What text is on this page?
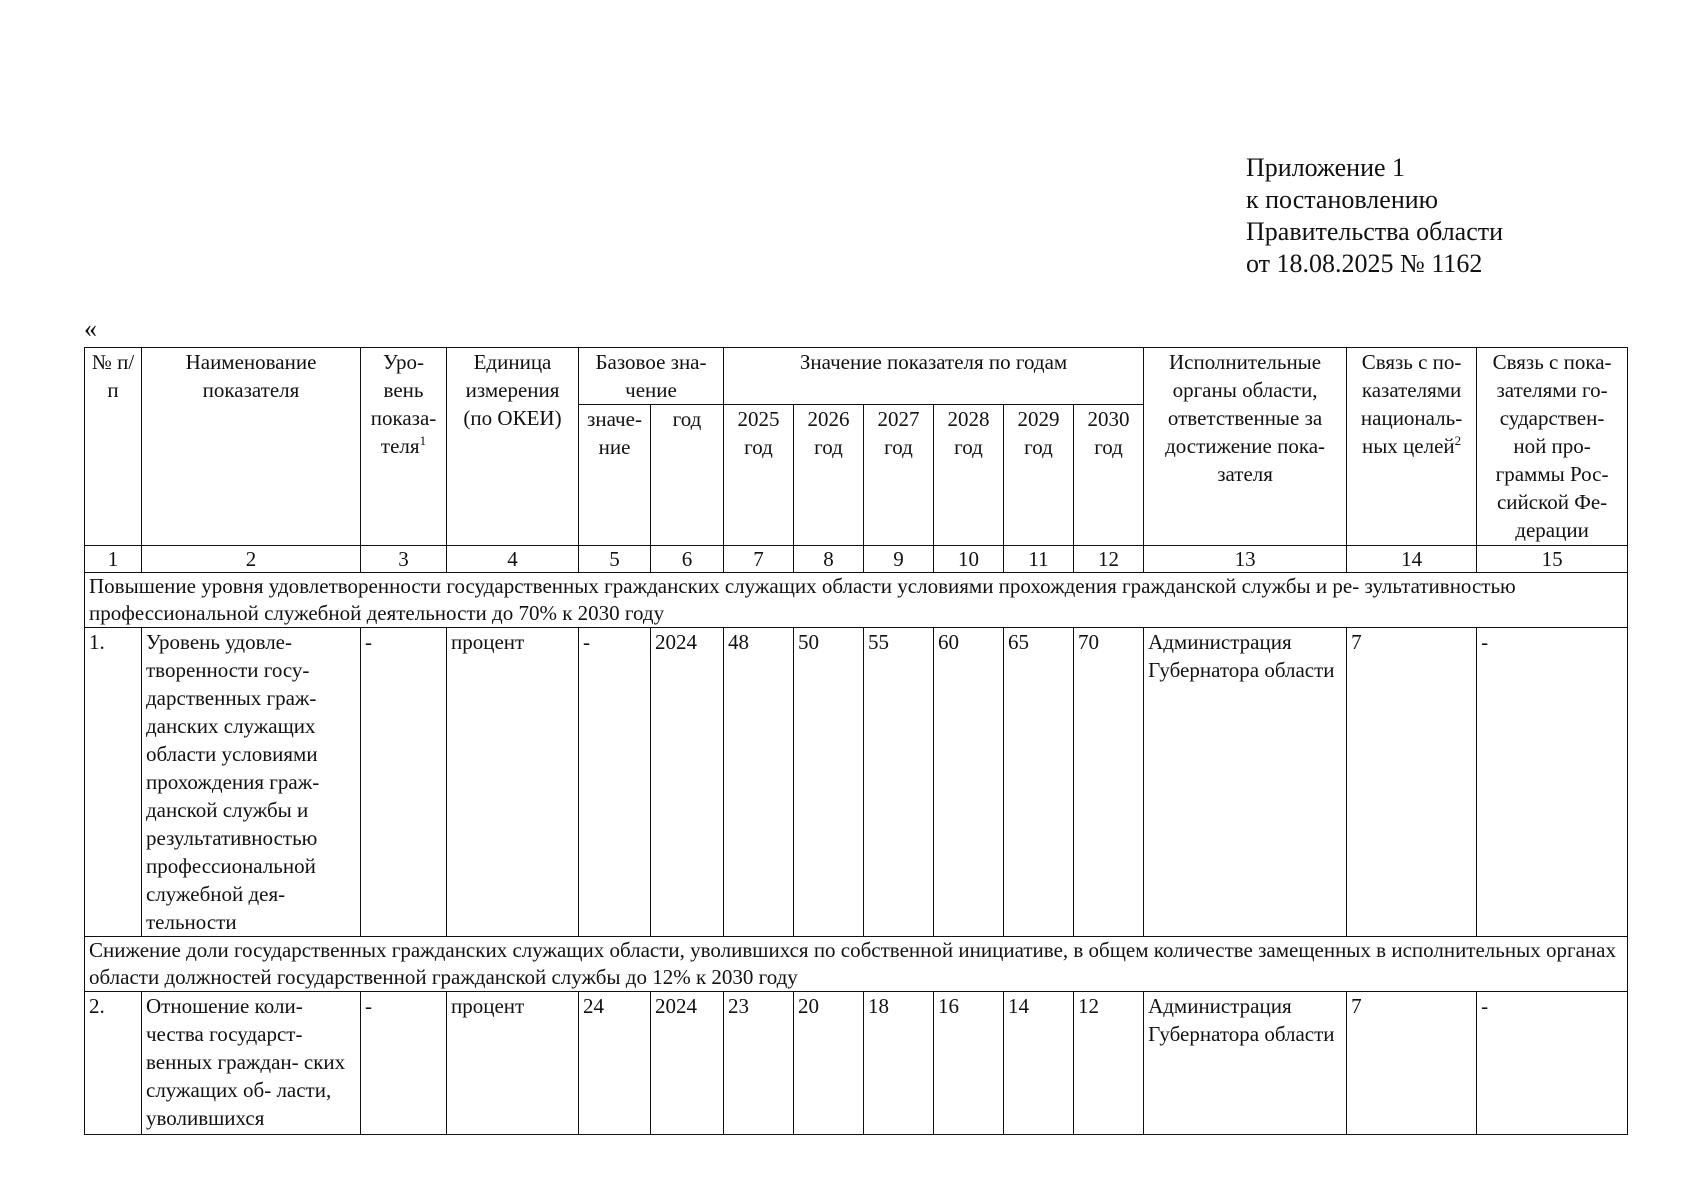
Приложение 1
к постановлению
Правительства области
от 18.08.2025 № 1162
«
№ п/п	Наименование показателя	Уро- вень показа- теля$^1$	Единица измерения (по ОКЕИ)	Базовое зна- чение		Значение показателя по годам						Исполнительные органы области, ответственные за достижение пока- зателя	Связь с по- казателями националь- ных целей$^2$	Связь с пока- зателями го- сударствен- ной про- граммы Рос- сийской Фе- дерации
				значе- ние	год	2025 год	2026 год	2027 год	2028 год	2029 год	2030 год			
1	2	3	4	5	6	7	8	9	10	11	12	13	14	15
Повышение уровня удовлетворенности государственных гражданских служащих области условиями прохождения гражданской службы и ре- зультативностью профессиональной служебной деятельности до 70% к 2030 году														
1.	Уровень удовле- творенности госу- дарственных граж- данских служащих области условиями прохождения граж- данской службы и результативностью профессиональной служебной дея- тельности	-	процент	-	2024	48	50	55	60	65	70	Администрация Губернатора области	7	-
Снижение доли государственных гражданских служащих области, уволившихся по собственной инициативе, в общем количестве замещенных в исполнительных органах области должностей государственной гражданской службы до 12% к 2030 году														
2.	Отношение коли- чества государст- венных граждан- ских служащих об- ласти, уволившихся	-	процент	24	2024	23	20	18	16	14	12	Администрация Губернатора области	7	-
